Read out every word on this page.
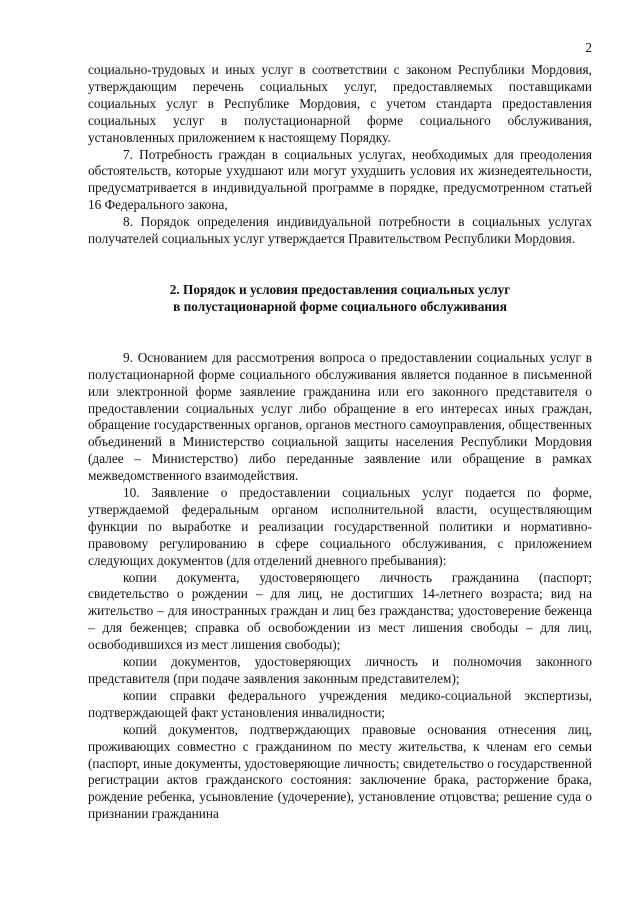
2

социально-трудовых и иных услуг в соответствии с законом Республики Мордовия, утверждающим перечень социальных услуг, предоставляемых поставщиками социальных услуг в Республике Мордовия, с учетом стандарта предоставления социальных услуг в полустационарной форме социального обслуживания, установленных приложением к настоящему Порядку.

7. Потребность граждан в социальных услугах, необходимых для преодоления обстоятельств, которые ухудшают или могут ухудшить условия их жизнедеятельности, предусматривается в индивидуальной программе в порядке, предусмотренном статьей 16 Федерального закона,

8. Порядок определения индивидуальной потребности в социальных услугах получателей социальных услуг утверждается Правительством Республики Мордовия.

2. Порядок и условия предоставления социальных услуг
в полустационарной форме социального обслуживания

9. Основанием для рассмотрения вопроса о предоставлении социальных услуг в полустационарной форме социального обслуживания является поданное в письменной или электронной форме заявление гражданина или его законного представителя о предоставлении социальных услуг либо обращение в его интересах иных граждан, обращение государственных органов, органов местного самоуправления, общественных объединений в Министерство социальной защиты населения Республики Мордовия (далее – Министерство) либо переданные заявление или обращение в рамках межведомственного взаимодействия.

10. Заявление о предоставлении социальных услуг подается по форме, утверждаемой федеральным органом исполнительной власти, осуществляющим функции по выработке и реализации государственной политики и нормативно-правовому регулированию в сфере социального обслуживания, с приложением следующих документов (для отделений дневного пребывания):

копии документа, удостоверяющего личность гражданина (паспорт; свидетельство о рождении – для лиц, не достигших 14-летнего возраста; вид на жительство – для иностранных граждан и лиц без гражданства; удостоверение беженца – для беженцев; справка об освобождении из мест лишения свободы – для лиц, освободившихся из мест лишения свободы);

копии документов, удостоверяющих личность и полномочия законного представителя (при подаче заявления законным представителем);

копии справки федерального учреждения медико-социальной экспертизы, подтверждающей факт установления инвалидности;

копий документов, подтверждающих правовые основания отнесения лиц, проживающих совместно с гражданином по месту жительства, к членам его семьи (паспорт, иные документы, удостоверяющие личность; свидетельство о государственной регистрации актов гражданского состояния: заключение брака, расторжение брака, рождение ребенка, усыновление (удочерение), установление отцовства; решение суда о признании гражданина
